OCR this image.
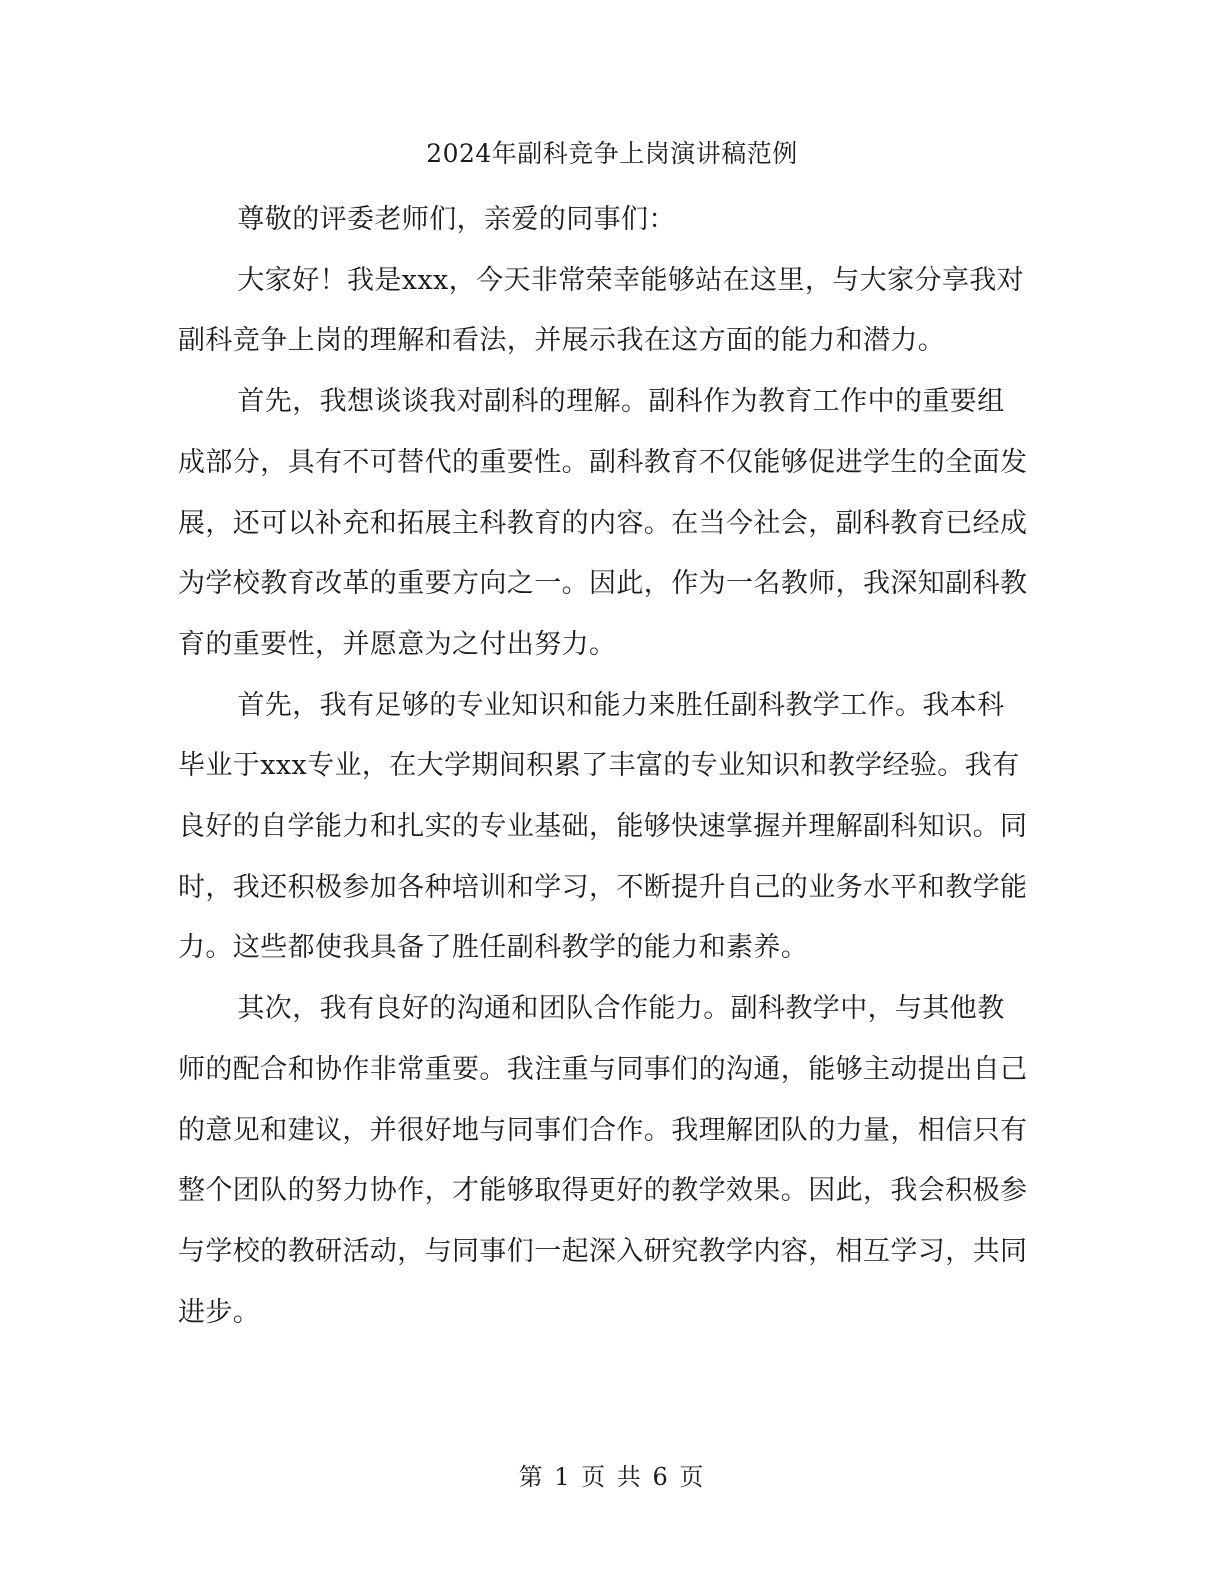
2024年副科竞争上岗演讲稿范例

尊敬的评委老师们，亲爱的同事们：

大家好！我是xxx，今天非常荣幸能够站在这里，与大家分享我对副科竞争上岗的理解和看法，并展示我在这方面的能力和潜力。

首先，我想谈谈我对副科的理解。副科作为教育工作中的重要组成部分，具有不可替代的重要性。副科教育不仅能够促进学生的全面发展，还可以补充和拓展主科教育的内容。在当今社会，副科教育已经成为学校教育改革的重要方向之一。因此，作为一名教师，我深知副科教育的重要性，并愿意为之付出努力。

首先，我有足够的专业知识和能力来胜任副科教学工作。我本科毕业于xxx专业，在大学期间积累了丰富的专业知识和教学经验。我有良好的自学能力和扎实的专业基础，能够快速掌握并理解副科知识。同时，我还积极参加各种培训和学习，不断提升自己的业务水平和教学能力。这些都使我具备了胜任副科教学的能力和素养。

其次，我有良好的沟通和团队合作能力。副科教学中，与其他教师的配合和协作非常重要。我注重与同事们的沟通，能够主动提出自己的意见和建议，并很好地与同事们合作。我理解团队的力量，相信只有整个团队的努力协作，才能够取得更好的教学效果。因此，我会积极参与学校的教研活动，与同事们一起深入研究教学内容，相互学习，共同进步。

第 1 页 共 6 页
